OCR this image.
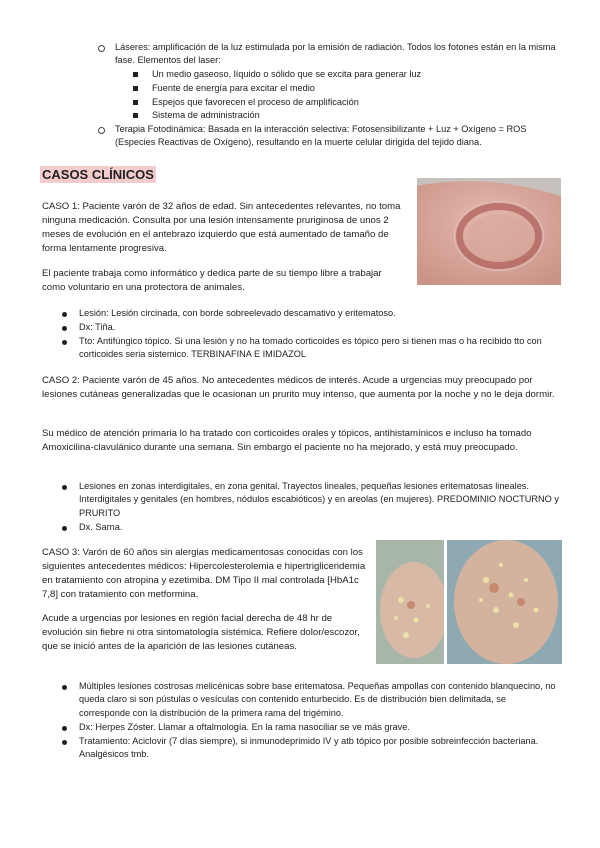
Láseres: amplificación de la luz estimulada por la emisión de radiación. Todos los fotones están en la misma fase. Elementos del laser:
Un medio gaseoso, líquido o sólido que se excita para generar luz
Fuente de energía para excitar el medio
Espejos que favorecen el proceso de amplificación
Sistema de administración
Terapia Fotodinámica: Basada en la interacción selectiva: Fotosensibilizante + Luz + Oxígeno = ROS (Especies Reactivas de Oxígeno), resultando en la muerte celular dirigida del tejido diana.
CASOS CLÍNICOS
CASO 1: Paciente varón de 32 años de edad. Sin antecedentes relevantes, no toma ninguna medicación. Consulta por una lesión intensamente pruriginosa de unos 2 meses de evolución en el antebrazo izquierdo que está aumentado de tamaño de forma lentamente progresiva.
El paciente trabaja como informático y dedica parte de su tiempo libre a trabajar como voluntario en una protectora de animales.
Lesión: Lesión circinada, con borde sobreelevado descamativo y eritematoso.
Dx: Tiña.
Tto: Antifúngico tópico. Si una lesión y no ha tomado corticoides es tópico pero si tienen mas o ha recibido tto con corticoides seria sistemico. TERBINAFINA E IMIDAZOL
CASO 2: Paciente varón de 45 años. No antecedentes médicos de interés. Acude a urgencias muy preocupado por lesiones cutáneas generalizadas que le ocasionan un prurito muy intenso, que aumenta por la noche y no le deja dormir.
Su médico de atención primaria lo ha tratado con corticoides orales y tópicos, antihistamínicos e incluso ha tomado Amoxicilina-clavulánico durante una semana. Sin embargo el paciente no ha mejorado, y está muy preocupado.
Lesiones en zonas interdigitales, en zona genital. Trayectos lineales, pequeñas lesiones eritematosas lineales. Interdigitales y genitales (en hombres, nódulos escabióticos) y en areolas (en mujeres). PREDOMINIO NOCTURNO y PRURITO
Dx. Sarna.
CASO 3: Varón de 60 años sin alergias medicamentosas conocidas con los siguientes antecedentes médicos: Hipercolesterolemia e hipertrigliceridemia en tratamiento con atropina y ezetimiba. DM Tipo II mal controlada [HbA1c 7,8] con tratamiento con metformina.
Acude a urgencias por lesiones en región facial derecha de 48 hr de evolución sin fiebre ni otra sintomatología sistémica. Refiere dolor/escozor, que se inició antes de la aparición de las lesiones cutáneas.
Múltiples lesiones costrosas melicénicas sobre base eritematosa. Pequeñas ampollas con contenido blanquecino, no queda claro si son pústulas o vesículas con contenido enturbecido. Es de distribución bien delimitada, se corresponde con la distribución de la primera rama del trigémino.
Dx: Herpes Zóster. Llamar a oftalmología. En la rama nasociliar se ve más grave.
Tratamiento: Aciclovir (7 días siempre), si inmunodeprimido IV y atb tópico por posible sobreinfección bacteriana. Analgésicos tmb.
